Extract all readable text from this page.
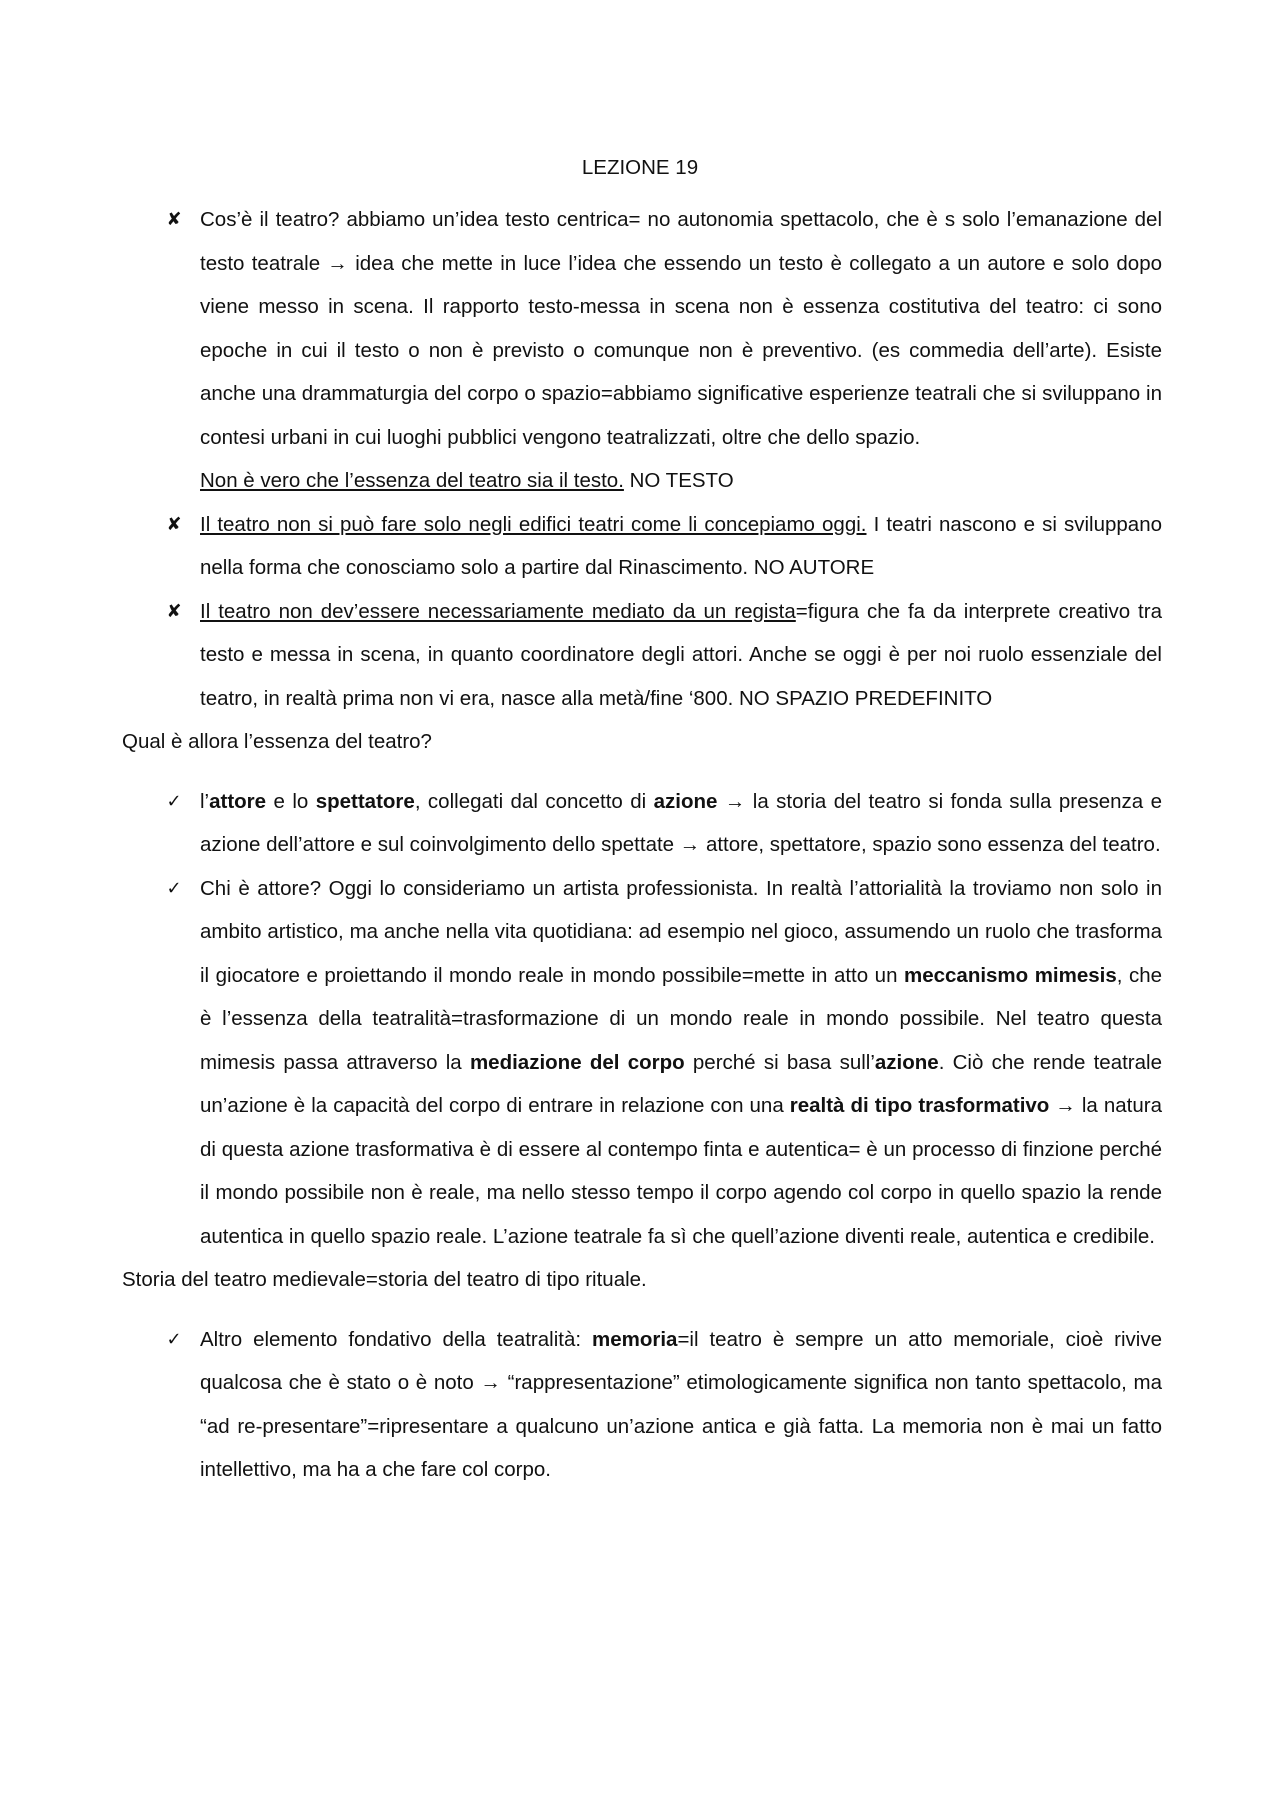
LEZIONE 19
✘ Cos’è il teatro? abbiamo un’idea testo centrica= no autonomia spettacolo, che è s solo l’emanazione del testo teatrale → idea che mette in luce l’idea che essendo un testo è collegato a un autore e solo dopo viene messo in scena. Il rapporto testo-messa in scena non è essenza costitutiva del teatro: ci sono epoche in cui il testo o non è previsto o comunque non è preventivo. (es commedia dell’arte). Esiste anche una drammaturgia del corpo o spazio=abbiamo significative esperienze teatrali che si sviluppano in contesi urbani in cui luoghi pubblici vengono teatralizzati, oltre che dello spazio.
Non è vero che l’essenza del teatro sia il testo. NO TESTO
✘ Il teatro non si può fare solo negli edifici teatri come li concepiamo oggi. I teatri nascono e si sviluppano nella forma che conosciamo solo a partire dal Rinascimento. NO AUTORE
✘ Il teatro non dev’essere necessariamente mediato da un regista=figura che fa da interprete creativo tra testo e messa in scena, in quanto coordinatore degli attori. Anche se oggi è per noi ruolo essenziale del teatro, in realtà prima non vi era, nasce alla metà/fine ‘800. NO SPAZIO PREDEFINITO

Qual è allora l’essenza del teatro?

✓ l’attore e lo spettatore, collegati dal concetto di azione → la storia del teatro si fonda sulla presenza e azione dell’attore e sul coinvolgimento dello spettate → attore, spettatore, spazio sono essenza del teatro.
✓ Chi è attore? Oggi lo consideriamo un artista professionista. In realtà l’attorialità la troviamo non solo in ambito artistico, ma anche nella vita quotidiana: ad esempio nel gioco, assumendo un ruolo che trasforma il giocatore e proiettando il mondo reale in mondo possibile=mette in atto un meccanismo mimesis, che è l’essenza della teatralità=trasformazione di un mondo reale in mondo possibile. Nel teatro questa mimesis passa attraverso la mediazione del corpo perché si basa sull’azione. Ciò che rende teatrale un’azione è la capacità del corpo di entrare in relazione con una realtà di tipo trasformativo → la natura di questa azione trasformativa è di essere al contempo finta e autentica= è un processo di finzione perché il mondo possibile non è reale, ma nello stesso tempo il corpo agendo col corpo in quello spazio la rende autentica in quello spazio reale. L’azione teatrale fa sì che quell’azione diventi reale, autentica e credibile.

Storia del teatro medievale=storia del teatro di tipo rituale.

✓ Altro elemento fondativo della teatralità: memoria=il teatro è sempre un atto memoriale, cioè rivive qualcosa che è stato o è noto → “rappresentazione” etimologicamente significa non tanto spettacolo, ma “ad re-presentare”=ripresentare a qualcuno un’azione antica e già fatta. La memoria non è mai un fatto intellettivo, ma ha a che fare col corpo.
